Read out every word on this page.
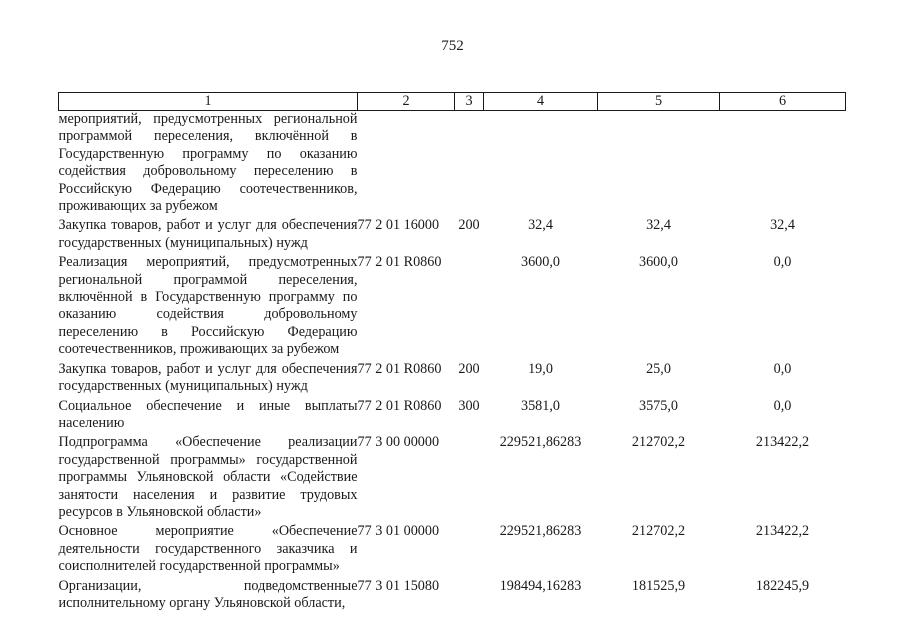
752
1	2	3	4	5	6
мероприятий, предусмотренных региональной программой переселения, включённой в Государственную программу по оказанию содействия добровольному переселению в Российскую Федерацию соотечественников, проживающих за рубежом					
Закупка товаров, работ и услуг для обеспечения государственных (муниципальных) нужд	77 2 01 16000	200	32,4	32,4	32,4
Реализация мероприятий, предусмотренных региональной программой переселения, включённой в Государственную программу по оказанию содействия добровольному переселению в Российскую Федерацию соотечественников, проживающих за рубежом	77 2 01 R0860		3600,0	3600,0	0,0
Закупка товаров, работ и услуг для обеспечения государственных (муниципальных) нужд	77 2 01 R0860	200	19,0	25,0	0,0
Социальное обеспечение и иные выплаты населению	77 2 01 R0860	300	3581,0	3575,0	0,0
Подпрограмма «Обеспечение реализации государственной программы» государственной программы Ульяновской области «Содействие занятости населения и развитие трудовых ресурсов в Ульяновской области»	77 3 00 00000		229521,86283	212702,2	213422,2
Основное мероприятие «Обеспечение деятельности государственного заказчика и соисполнителей государственной программы»	77 3 01 00000		229521,86283	212702,2	213422,2
Организации, подведомственные исполнительному органу Ульяновской области,	77 3 01 15080		198494,16283	181525,9	182245,9
